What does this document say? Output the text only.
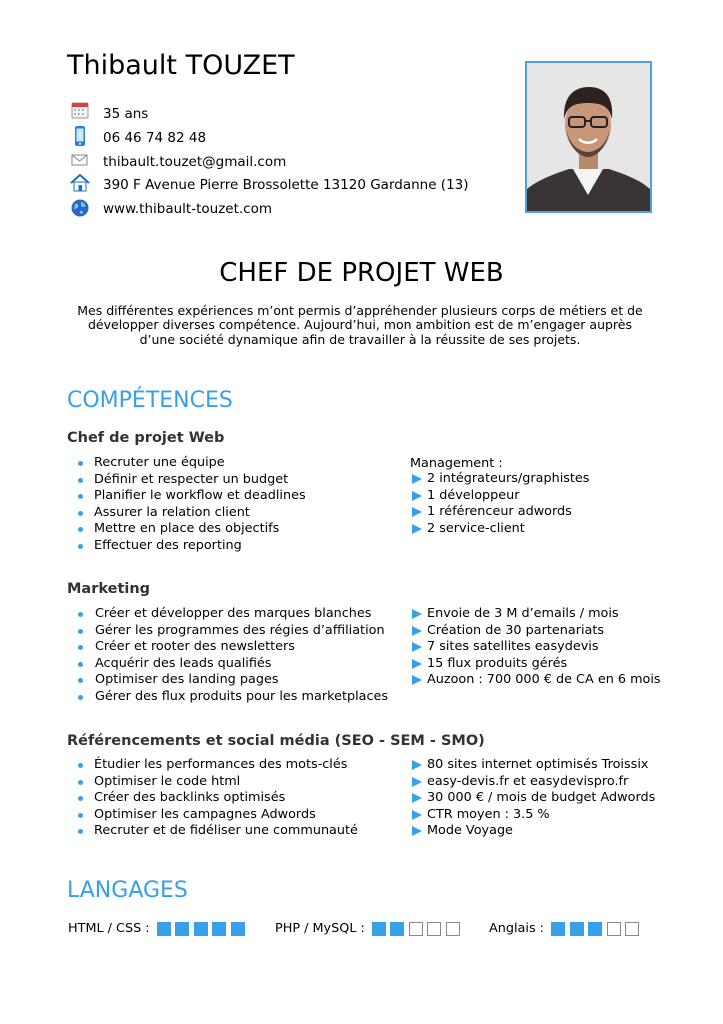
Thibault TOUZET
35 ans
06 46 74 82 48
thibault.touzet@gmail.com
390 F Avenue Pierre Brossolette 13120 Gardanne (13)
www.thibault-touzet.com
CHEF DE PROJET WEB
Mes différentes expériences m’ont permis d’appréhender plusieurs corps de métiers et de développer diverses compétence. Aujourd’hui, mon ambition est de m’engager auprès d’une société dynamique afin de travailler à la réussite de ses projets.
COMPÉTENCES
Chef de projet Web
Recruter une équipe
Définir et respecter un budget
Planifier le workflow et deadlines
Assurer la relation client
Mettre en place des objectifs
Effectuer des reporting
Management :
2 intégrateurs/graphistes
1 développeur
1 référenceur adwords
2 service-client
Marketing
Créer et développer des marques blanches
Gérer les programmes des régies d’affiliation
Créer et rooter des newsletters
Acquérir des leads qualifiés
Optimiser des landing pages
Gérer des flux produits pour les marketplaces
Envoie de 3 M d’emails / mois
Création de 30 partenariats
7 sites satellites easydevis
15 flux produits gérés
Auzoon : 700 000 € de CA en 6 mois
Référencements et social média (SEO - SEM - SMO)
Étudier les performances des mots-clés
Optimiser le code html
Créer des backlinks optimisés
Optimiser les campagnes Adwords
Recruter et de fidéliser une communauté
80 sites internet optimisés Troissix
easy-devis.fr et easydevispro.fr
30 000 € / mois de budget Adwords
CTR moyen : 3.5 %
Mode Voyage
LANGAGES
HTML / CSS :	PHP / MySQL :	Anglais :
